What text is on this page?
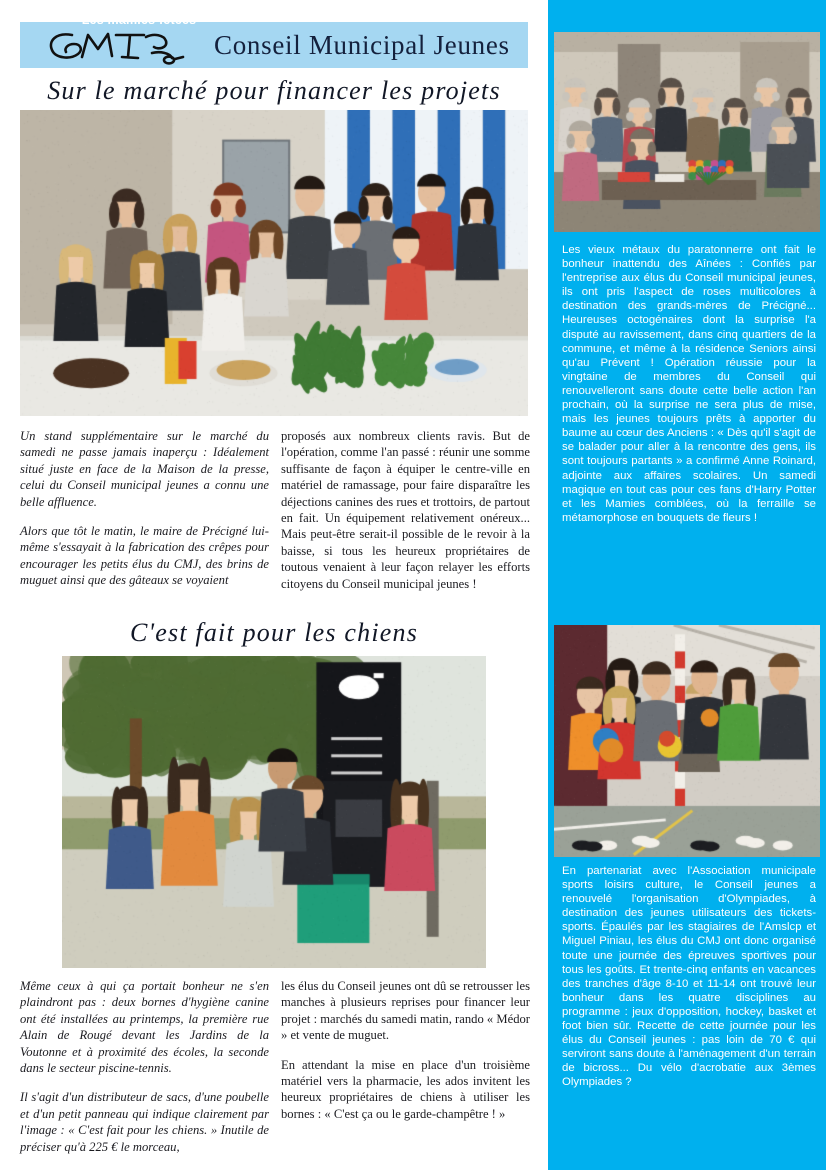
Conseil Municipal Jeunes
Sur le marché pour financer les projets

Un stand supplémentaire sur le marché du samedi ne passe jamais inaperçu : Idéalement situé juste en face de la Maison de la presse, celui du Conseil municipal jeunes a connu une belle affluence.

Alors que tôt le matin, le maire de Précigné lui-même s'essayait à la fabrication des crêpes pour encourager les petits élus du CMJ, des brins de muguet ainsi que des gâteaux se voyaient

proposés aux nombreux clients ravis. But de l'opération, comme l'an passé : réunir une somme suffisante de façon à équiper le centre-ville en matériel de ramassage, pour faire disparaître les déjections canines des rues et trottoirs, de partout en fait. Un équipement relativement onéreux... Mais peut-être serait-il possible de le revoir à la baisse, si tous les heureux propriétaires de toutous venaient à leur façon relayer les efforts citoyens du Conseil municipal jeunes !

C'est fait pour les chiens

Même ceux à qui ça portait bonheur ne s'en plaindront pas : deux bornes d'hygiène canine ont été installées au printemps, la première rue Alain de Rougé devant les Jardins de la Voutonne et à proximité des écoles, la seconde dans le secteur piscine-tennis.

Il s'agit d'un distributeur de sacs, d'une poubelle et d'un petit panneau qui indique clairement par l'image : « C'est fait pour les chiens. » Inutile de préciser qu'à 225 € le morceau,

les élus du Conseil jeunes ont dû se retrousser les manches à plusieurs reprises pour financer leur projet : marchés du samedi matin, rando « Médor » et vente de muguet.

En attendant la mise en place d'un troisième matériel vers la pharmacie, les ados invitent les heureux propriétaires de chiens à utiliser les bornes : « C'est ça ou le garde-champêtre ! »

Les mamies fêtées

Les vieux métaux du paratonnerre ont fait le bonheur inattendu des Aînées : Confiés par l'entreprise aux élus du Conseil municipal jeunes, ils ont pris l'aspect de roses multicolores à destination des grands-mères de Précigné... Heureuses octogénaires dont la surprise l'a disputé au ravissement, dans cinq quartiers de la commune, et même à la résidence Seniors ainsi qu'au Prévent ! Opération réussie pour la vingtaine de membres du Conseil qui renouvelleront sans doute cette belle action l'an prochain, où la surprise ne sera plus de mise, mais les jeunes toujours prêts à apporter du baume au cœur des Anciens : « Dès qu'il s'agit de se balader pour aller à la rencontre des gens, ils sont toujours partants » a confirmé Anne Roinard, adjointe aux affaires scolaires. Un samedi magique en tout cas pour ces fans d'Harry Potter et les Mamies comblées, où la ferraille se métamorphose en bouquets de fleurs !

2e Edition des Olympiades

En partenariat avec l'Association municipale sports loisirs culture, le Conseil jeunes a renouvelé l'organisation d'Olympiades, à destination des jeunes utilisateurs des tickets-sports. Épaulés par les stagiaires de l'Amslcp et Miguel Piniau, les élus du CMJ ont donc organisé toute une journée des épreuves sportives pour tous les goûts. Et trente-cinq enfants en vacances des tranches d'âge 8-10 et 11-14 ont trouvé leur bonheur dans les quatre disciplines au programme : jeux d'opposition, hockey, basket et foot bien sûr. Recette de cette journée pour les élus du Conseil jeunes : pas loin de 70 € qui serviront sans doute à l'aménagement d'un terrain de bicross... Du vélo d'acrobatie aux 3èmes Olympiades ?
